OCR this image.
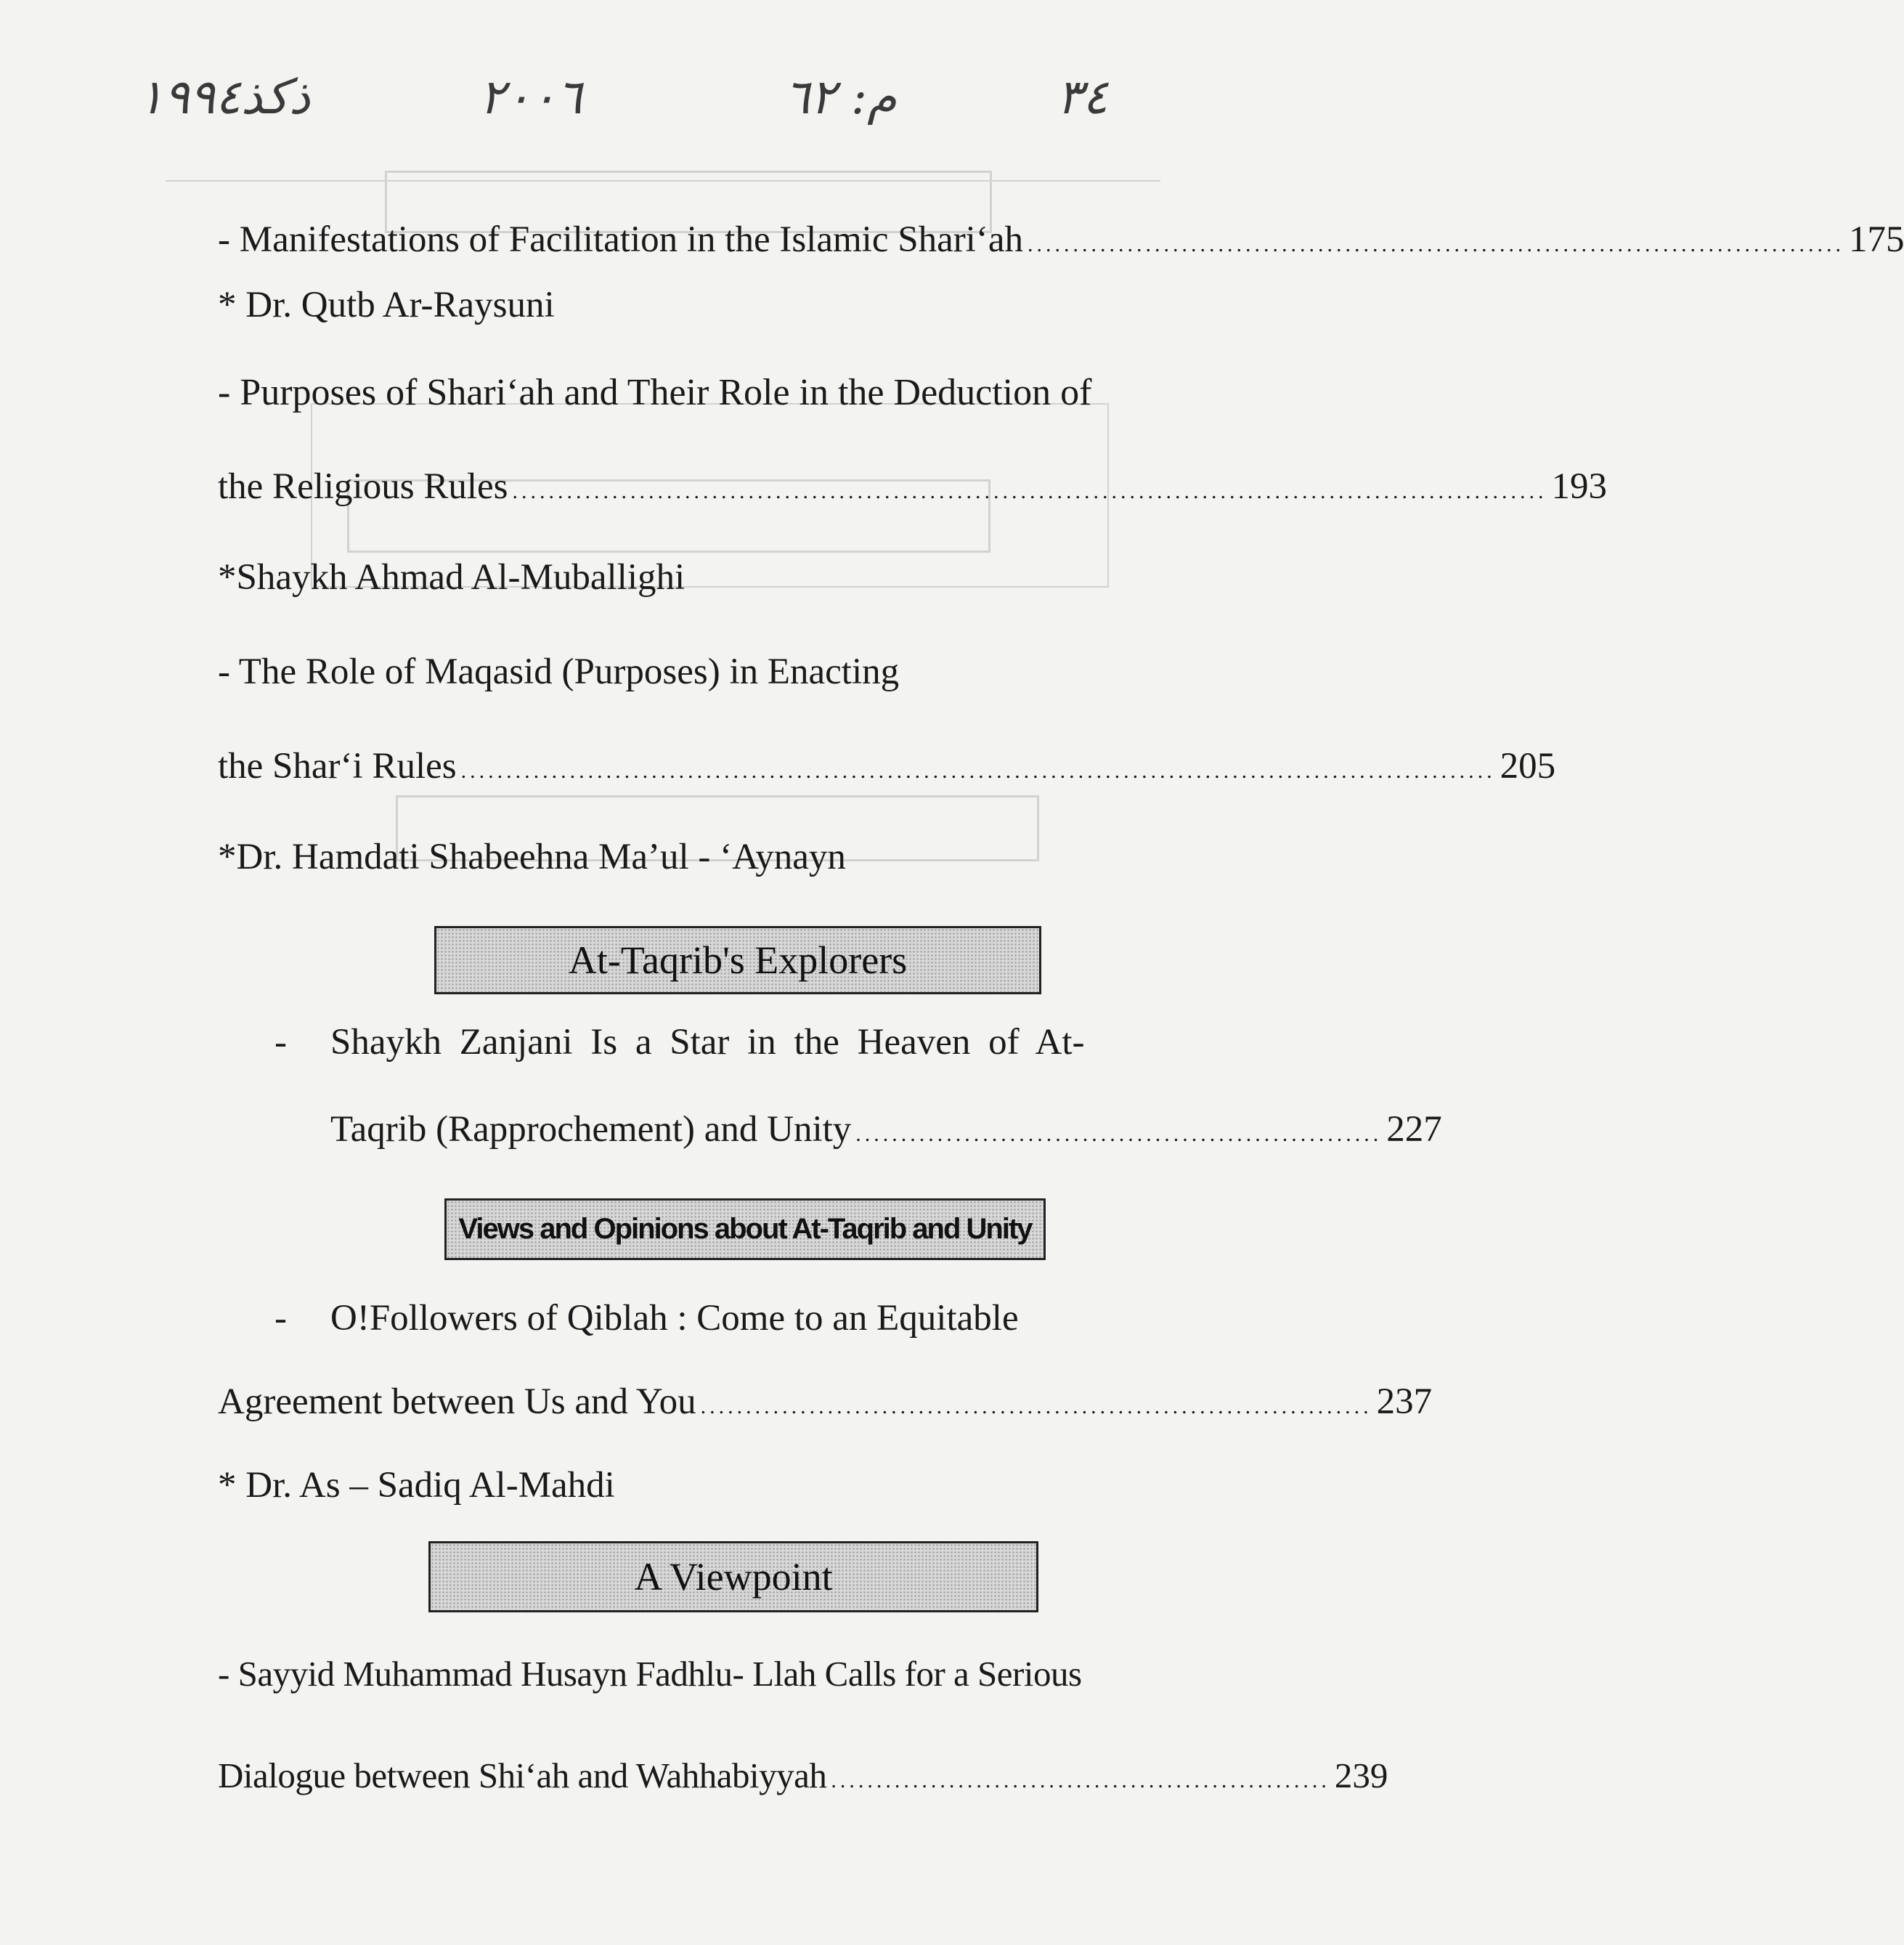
ذكذ١٩٩٤	٢٠٠٦	م: ٦٢	٣٤
- Manifestations of Facilitation in the Islamic Shari‘ah .......................................................................................... 175
* Dr. Qutb Ar-Raysuni
- Purposes of Shari‘ah and Their Role in the Deduction of
the Religious Rules .................................................................................................................. 193
*Shaykh Ahmad Al-Muballighi
- The Role of Maqasid (Purposes) in Enacting
the Shar‘i Rules .................................................................................................................. 205
*Dr. Hamdati Shabeehna Ma’ul - ‘Aynayn
At-Taqrib's Explorers
- Shaykh Zanjani Is a Star in the Heaven of At-
Taqrib (Rapprochement) and Unity .......................................................... 227
Views and Opinions about At-Taqrib and Unity
- O!Followers of Qiblah : Come to an Equitable
Agreement between Us and You .......................................................................... 237
* Dr. As – Sadiq Al-Mahdi
A Viewpoint
- Sayyid Muhammad Husayn Fadhlu- Llah Calls for a Serious
Dialogue between Shi‘ah and Wahhabiyyah ....................................................... 239
